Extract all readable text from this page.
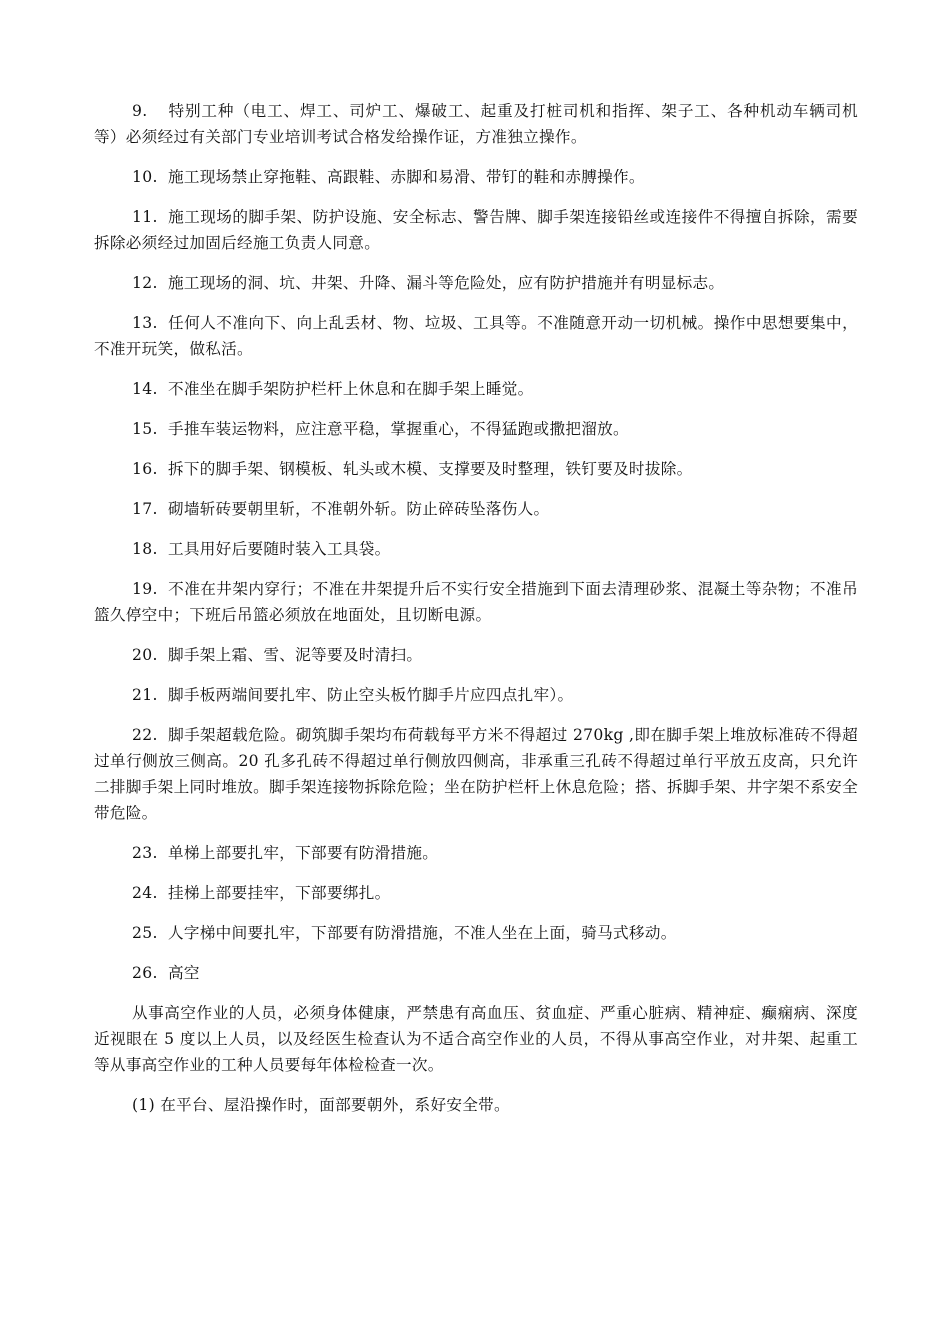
9. 特别工种（电工、焊工、司炉工、爆破工、起重及打桩司机和指挥、架子工、各种机动车辆司机等）必须经过有关部门专业培训考试合格发给操作证，方准独立操作。

10. 施工现场禁止穿拖鞋、高跟鞋、赤脚和易滑、带钉的鞋和赤膊操作。

11. 施工现场的脚手架、防护设施、安全标志、警告牌、脚手架连接铅丝或连接件不得擅自拆除，需要拆除必须经过加固后经施工负责人同意。

12. 施工现场的洞、坑、井架、升降、漏斗等危险处，应有防护措施并有明显标志。

13. 任何人不准向下、向上乱丢材、物、垃圾、工具等。不准随意开动一切机械。操作中思想要集中，不准开玩笑，做私活。

14. 不准坐在脚手架防护栏杆上休息和在脚手架上睡觉。

15. 手推车装运物料，应注意平稳，掌握重心，不得猛跑或撒把溜放。

16. 拆下的脚手架、钢模板、轧头或木模、支撑要及时整理，铁钉要及时拔除。

17. 砌墙斩砖要朝里斩，不准朝外斩。防止碎砖坠落伤人。

18. 工具用好后要随时装入工具袋。

19. 不准在井架内穿行；不准在井架提升后不实行安全措施到下面去清理砂浆、混凝土等杂物；不准吊篮久停空中；下班后吊篮必须放在地面处，且切断电源。

20. 脚手架上霜、雪、泥等要及时清扫。

21. 脚手板两端间要扎牢、防止空头板竹脚手片应四点扎牢）。

22. 脚手架超载危险。砌筑脚手架均布荷载每平方米不得超过 270kg ,即在脚手架上堆放标准砖不得超过单行侧放三侧高。20 孔多孔砖不得超过单行侧放四侧高，非承重三孔砖不得超过单行平放五皮高，只允许二排脚手架上同时堆放。脚手架连接物拆除危险；坐在防护栏杆上休息危险；搭、拆脚手架、井字架不系安全带危险。

23. 单梯上部要扎牢，下部要有防滑措施。

24. 挂梯上部要挂牢，下部要绑扎。

25. 人字梯中间要扎牢，下部要有防滑措施，不准人坐在上面，骑马式移动。

26. 高空

从事高空作业的人员，必须身体健康，严禁患有高血压、贫血症、严重心脏病、精神症、癫痫病、深度近视眼在 5 度以上人员，以及经医生检查认为不适合高空作业的人员，不得从事高空作业，对井架、起重工等从事高空作业的工种人员要每年体检检查一次。

(1) 在平台、屋沿操作时，面部要朝外，系好安全带。
